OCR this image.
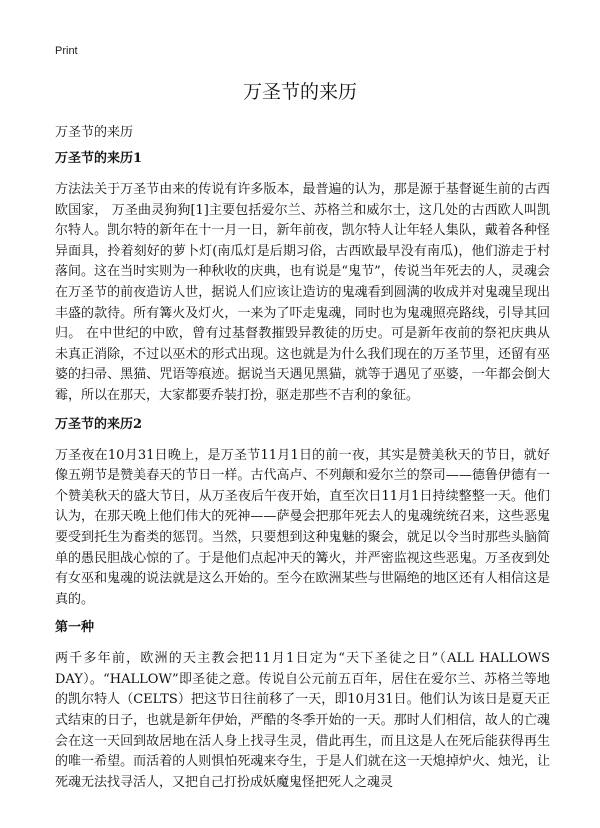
Print
万圣节的来历

万圣节的来历

万圣节的来历1

方法法关于万圣节由来的传说有许多版本，最普遍的认为，那是源于基督诞生前的古西欧国家， 万圣曲灵狗狗[1]主要包括爱尔兰、苏格兰和威尔士，这几处的古西欧人叫凯尔特人。凯尔特的新年在十一月一日，新年前夜，凯尔特人让年轻人集队，戴着各种怪异面具，拎着刻好的萝卜灯(南瓜灯是后期习俗，古西欧最早没有南瓜)，他们游走于村落间。这在当时实则为一种秋收的庆典，也有说是“鬼节”，传说当年死去的人，灵魂会在万圣节的前夜造访人世，据说人们应该让造访的鬼魂看到圆满的收成并对鬼魂呈现出丰盛的款待。所有篝火及灯火，一来为了吓走鬼魂，同时也为鬼魂照亮路线，引导其回归。 在中世纪的中欧，曾有过基督教摧毁异教徒的历史。可是新年夜前的祭祀庆典从未真正消除，不过以巫术的形式出现。这也就是为什么我们现在的万圣节里，还留有巫婆的扫帚、黑猫、咒语等痕迹。据说当天遇见黑猫，就等于遇见了巫婆，一年都会倒大霉，所以在那天，大家都要乔装打扮，驱走那些不吉利的象征。

万圣节的来历2

万圣夜在10月31日晚上，是万圣节11月1日的前一夜，其实是赞美秋天的节日，就好像五朔节是赞美春天的节日一样。古代高卢、不列颠和爱尔兰的祭司——德鲁伊德有一个赞美秋天的盛大节日，从万圣夜后午夜开始，直至次日11月1日持续整整一天。他们认为，在那天晚上他们伟大的死神——萨曼会把那年死去人的鬼魂统统召来，这些恶鬼要受到托生为畜类的惩罚。当然，只要想到这种鬼魅的聚会，就足以令当时那些头脑简单的愚民胆战心惊的了。于是他们点起冲天的篝火，并严密监视这些恶鬼。万圣夜到处有女巫和鬼魂的说法就是这么开始的。至今在欧洲某些与世隔绝的地区还有人相信这是真的。

第一种

两千多年前，欧洲的天主教会把11月1日定为“天下圣徒之日”（ALL HALLOWS DAY）。“HALLOW”即圣徒之意。传说自公元前五百年，居住在爱尔兰、苏格兰等地的凯尔特人（CELTS）把这节日往前移了一天，即10月31日。他们认为该日是夏天正式结束的日子，也就是新年伊始，严酷的冬季开始的一天。那时人们相信，故人的亡魂会在这一天回到故居地在活人身上找寻生灵，借此再生，而且这是人在死后能获得再生的唯一希望。而活着的人则惧怕死魂来夺生，于是人们就在这一天熄掉炉火、烛光，让死魂无法找寻活人，又把自己打扮成妖魔鬼怪把死人之魂灵
